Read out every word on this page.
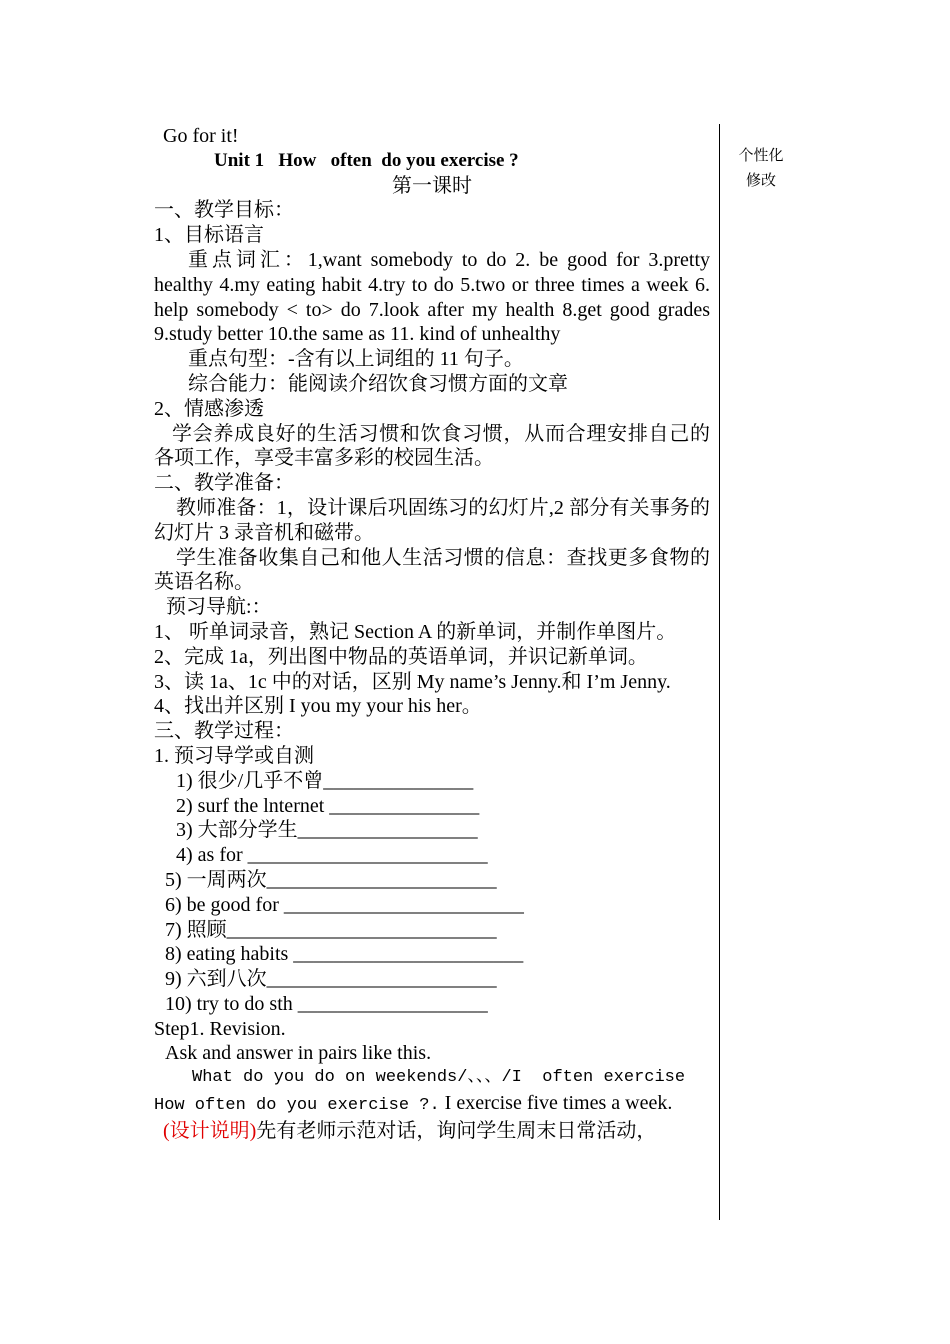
Go for it!
Unit 1   How   often  do you exercise ?
第一课时
一、教学目标：
1、目标语言
重点词汇：1,want somebody to do 2. be good for 3.pretty healthy 4.my eating habit 4.try to do 5.two or three times a week 6. help somebody < to> do 7.look after my health 8.get good grades 9.study better 10.the same as 11. kind of unhealthy
重点句型：-含有以上词组的 11 句子。
综合能力：能阅读介绍饮食习惯方面的文章
2、情感渗透
学会养成良好的生活习惯和饮食习惯，从而合理安排自己的各项工作，享受丰富多彩的校园生活。
二、教学准备：
教师准备：1，设计课后巩固练习的幻灯片,2 部分有关事务的幻灯片 3 录音机和磁带。
学生准备收集自己和他人生活习惯的信息：查找更多食物的英语名称。
预习导航:：
1、 听单词录音，熟记 Section A 的新单词，并制作单图片。
2、完成 1a，列出图中物品的英语单词，并识记新单词。
3、读 1a、1c 中的对话，区别 My name’s Jenny.和 I’m Jenny.
4、找出并区别 I you my your his her。
三、教学过程：
1. 预习导学或自测
1) 很少/几乎不曾_______________
2) surf the lnternet _______________
3) 大部分学生__________________
4) as for ________________________
5) 一周两次_______________________
6) be good for ________________________
7) 照顾___________________________
8) eating habits _______________________
9) 六到八次_______________________
10) try to do sth ___________________
Step1. Revision.
Ask and answer in pairs like this.
What do you do on weekends/、、、/I  often exercise
How often do you exercise ?. I exercise five times a week.
(设计说明)先有老师示范对话，询问学生周末日常活动，
个性化
修改
